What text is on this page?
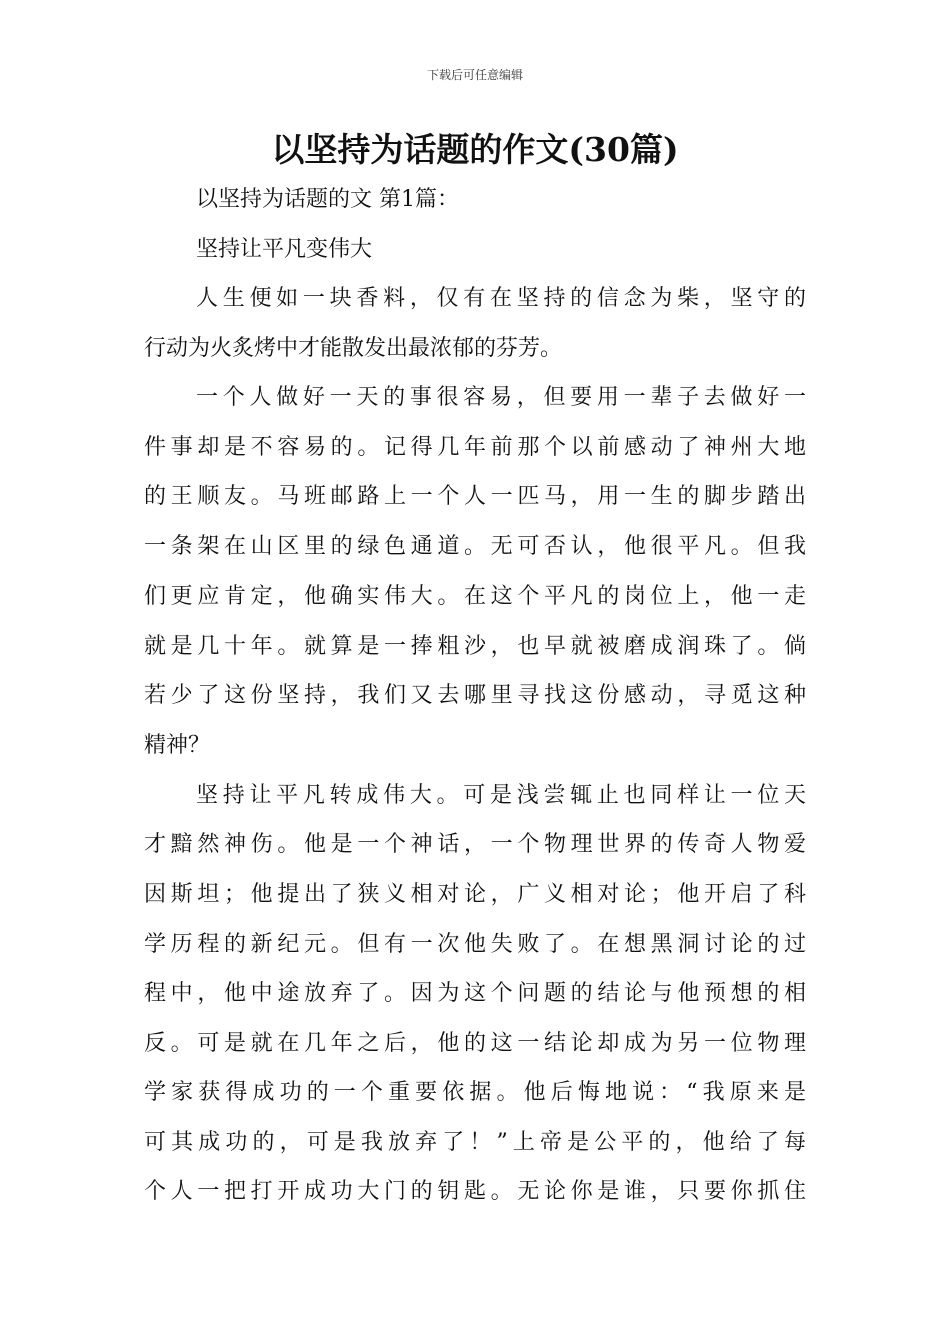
下载后可任意编辑
以坚持为话题的作文(30篇)
以坚持为话题的文 第1篇：
坚持让平凡变伟大
人生便如一块香料，仅有在坚持的信念为柴，坚守的
行动为火炙烤中才能散发出最浓郁的芬芳。
一个人做好一天的事很容易，但要用一辈子去做好一
件事却是不容易的。记得几年前那个以前感动了神州大地
的王顺友。马班邮路上一个人一匹马，用一生的脚步踏出
一条架在山区里的绿色通道。无可否认，他很平凡。但我
们更应肯定，他确实伟大。在这个平凡的岗位上，他一走
就是几十年。就算是一捧粗沙，也早就被磨成润珠了。倘
若少了这份坚持，我们又去哪里寻找这份感动，寻觅这种
精神？
坚持让平凡转成伟大。可是浅尝辄止也同样让一位天
才黯然神伤。他是一个神话，一个物理世界的传奇人物爱
因斯坦；他提出了狭义相对论，广义相对论；他开启了科
学历程的新纪元。但有一次他失败了。在想黑洞讨论的过
程中，他中途放弃了。因为这个问题的结论与他预想的相
反。可是就在几年之后，他的这一结论却成为另一位物理
学家获得成功的一个重要依据。他后悔地说：“我原来是
可其成功的，可是我放弃了！”上帝是公平的，他给了每
个人一把打开成功大门的钥匙。无论你是谁，只要你抓住
